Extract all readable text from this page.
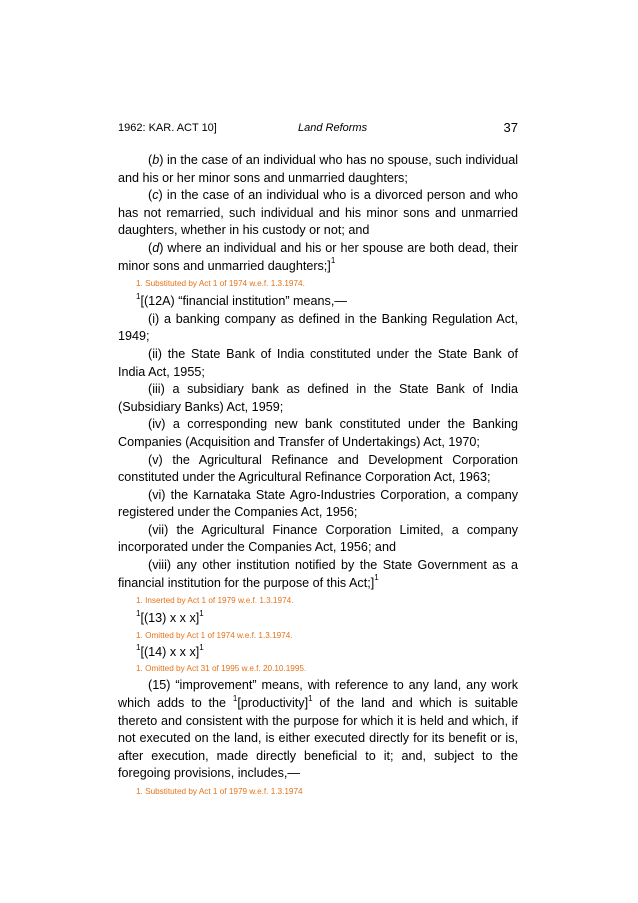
1962: KAR. ACT 10]	Land Reforms	37

(b) in the case of an individual who has no spouse, such individual and his or her minor sons and unmarried daughters;

(c) in the case of an individual who is a divorced person and who has not remarried, such individual and his minor sons and unmarried daughters, whether in his custody or not; and

(d) where an individual and his or her spouse are both dead, their minor sons and unmarried daughters;]$^1$

1. Substituted by Act 1 of 1974 w.e.f. 1.3.1974.

$^1$[(12A) “financial institution” means,—

(i) a banking company as defined in the Banking Regulation Act, 1949;

(ii) the State Bank of India constituted under the State Bank of India Act, 1955;

(iii) a subsidiary bank as defined in the State Bank of India (Subsidiary Banks) Act, 1959;

(iv) a corresponding new bank constituted under the Banking Companies (Acquisition and Transfer of Undertakings) Act, 1970;

(v) the Agricultural Refinance and Development Corporation constituted under the Agricultural Refinance Corporation Act, 1963;

(vi) the Karnataka State Agro-Industries Corporation, a company registered under the Companies Act, 1956;

(vii) the Agricultural Finance Corporation Limited, a company incorporated under the Companies Act, 1956; and

(viii) any other institution notified by the State Government as a financial institution for the purpose of this Act;]$^1$

1. Inserted by Act 1 of 1979 w.e.f. 1.3.1974.

$^1$[(13) x x x]$^1$

1. Omitted by Act 1 of 1974 w.e.f. 1.3.1974.

$^1$[(14) x x x]$^1$

1. Omitted by Act 31 of 1995 w.e.f. 20.10.1995.

(15) “improvement” means, with reference to any land, any work which adds to the $^1$[productivity]$^1$ of the land and which is suitable thereto and consistent with the purpose for which it is held and which, if not executed on the land, is either executed directly for its benefit or is, after execution, made directly beneficial to it; and, subject to the foregoing provisions, includes,—

1. Substituted by Act 1 of 1979 w.e.f. 1.3.1974
